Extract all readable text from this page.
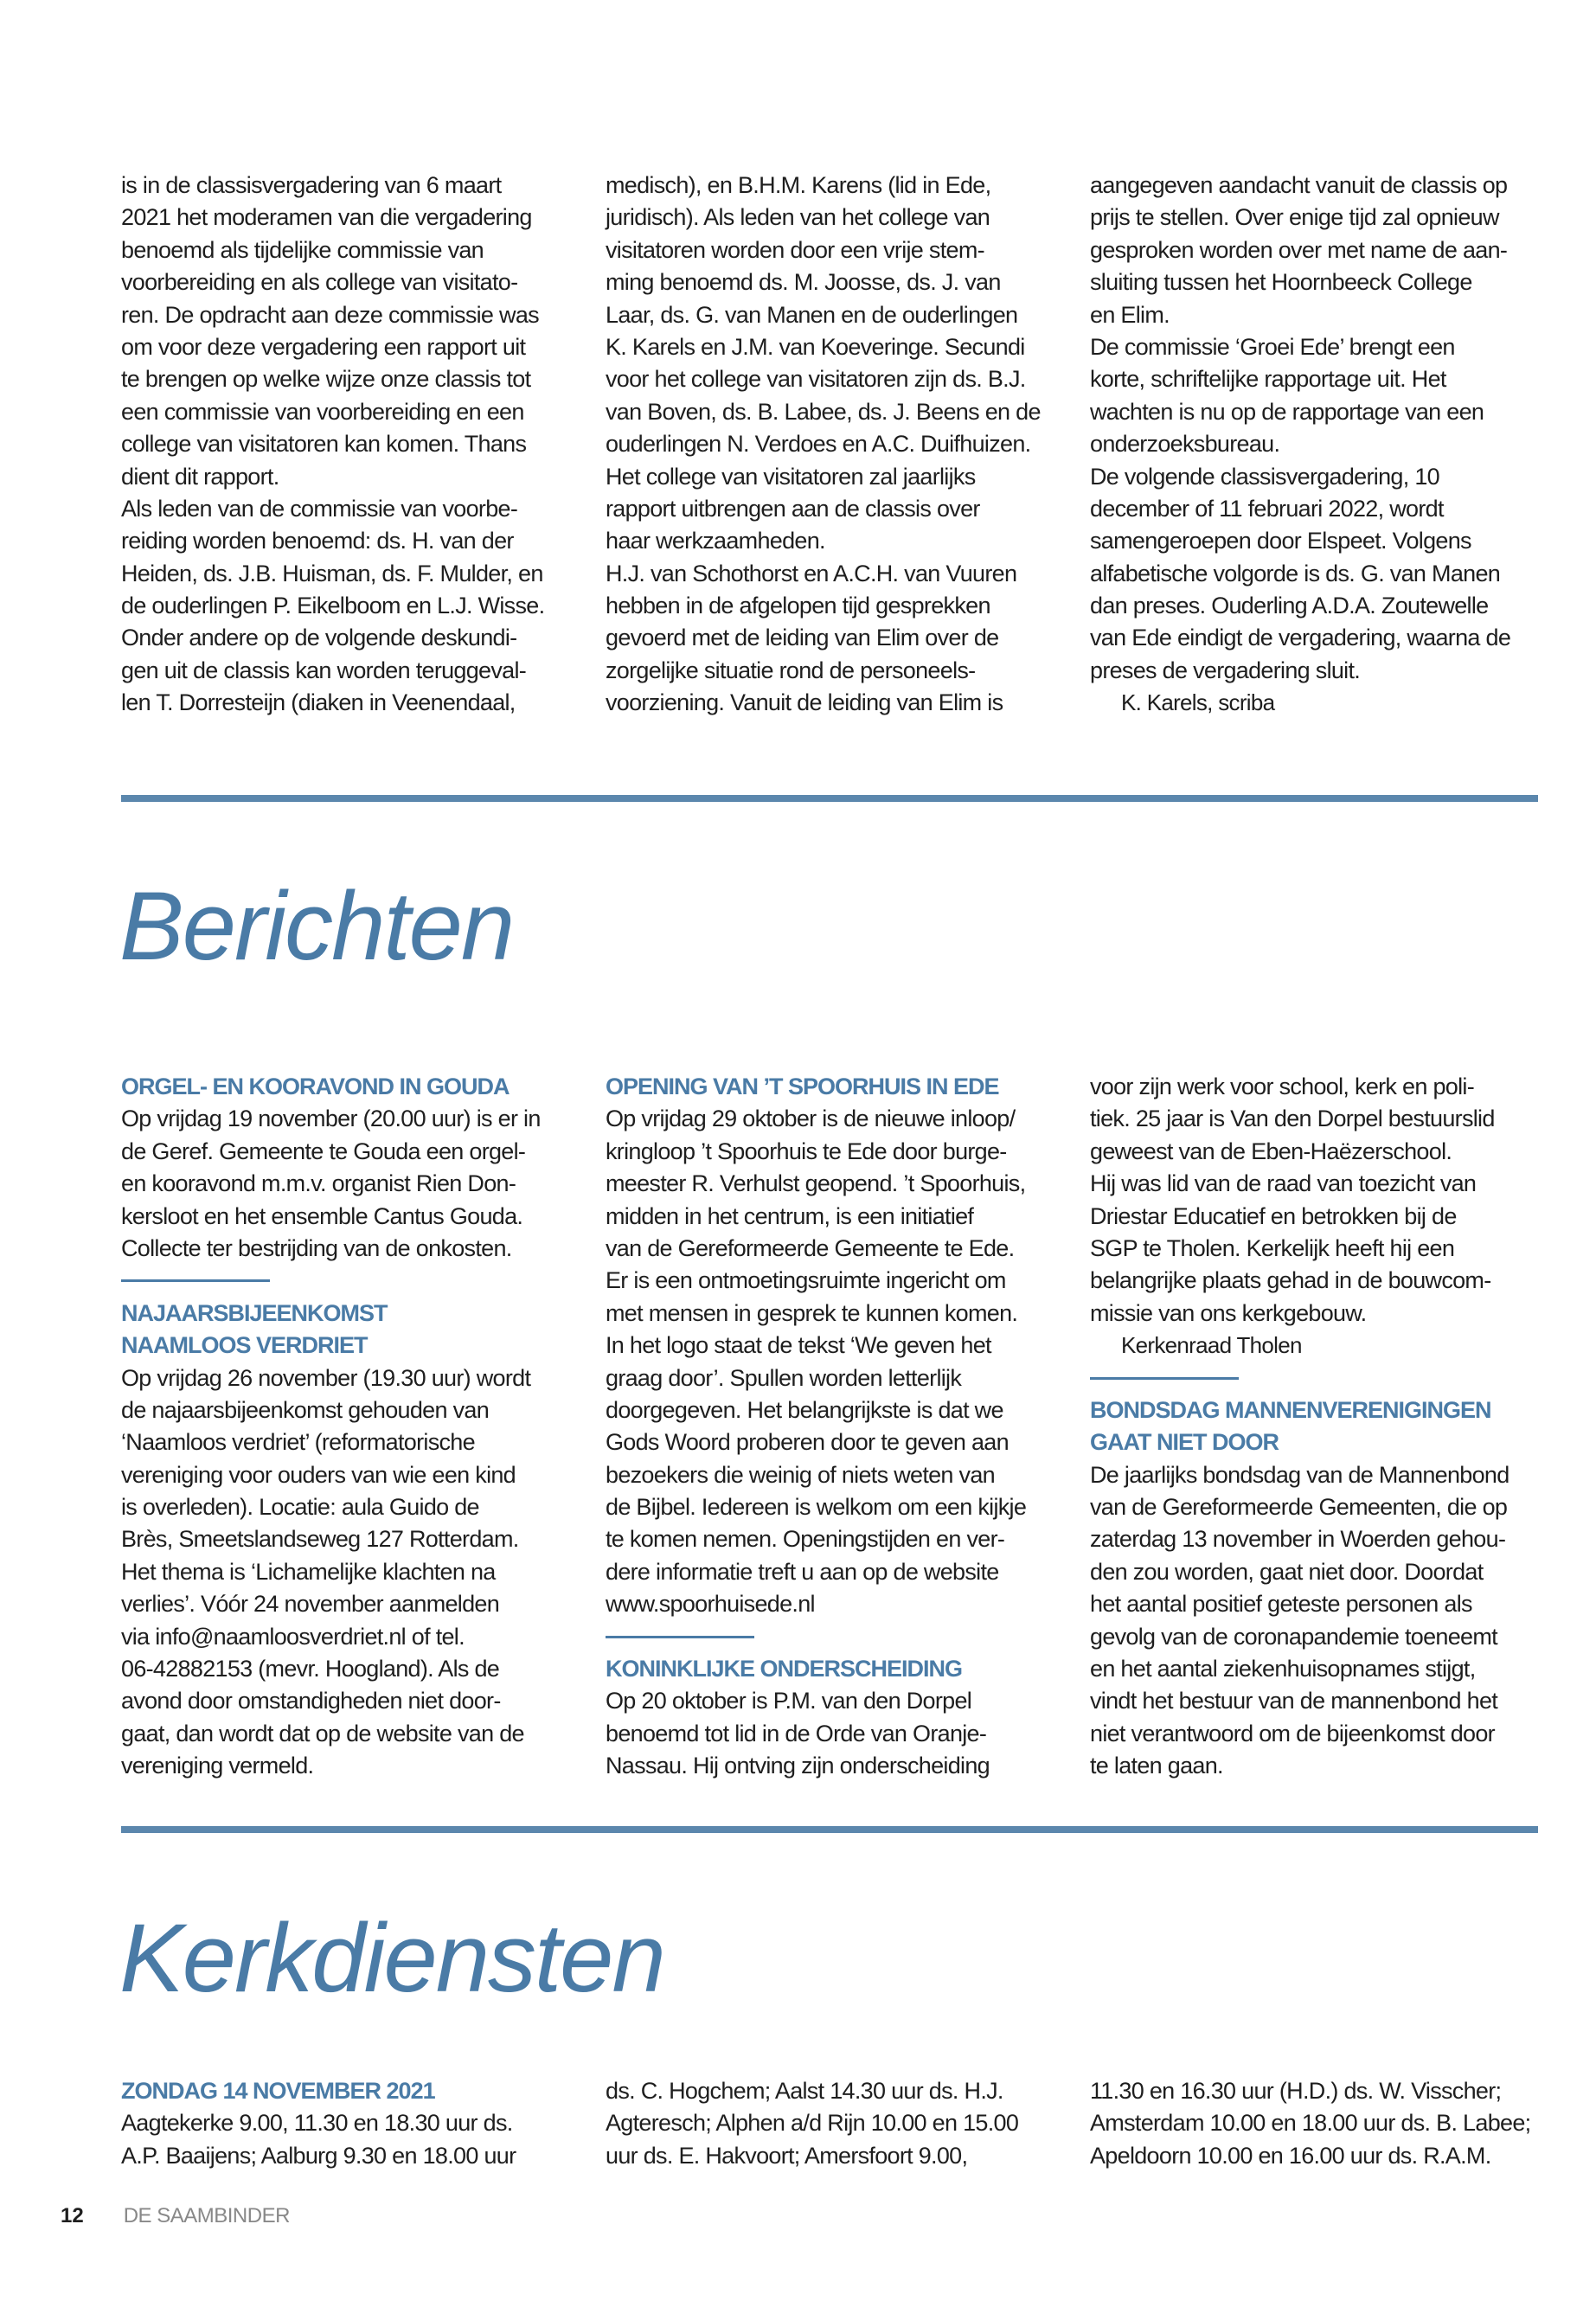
is in de classisvergadering van 6 maart
2021 het moderamen van die vergadering
benoemd als tijdelijke commissie van
voorbereiding en als college van visitato-
ren. De opdracht aan deze commissie was
om voor deze vergadering een rapport uit
te brengen op welke wijze onze classis tot
een commissie van voorbereiding en een
college van visitatoren kan komen. Thans
dient dit rapport.
Als leden van de commissie van voorbe-
reiding worden benoemd: ds. H. van der
Heiden, ds. J.B. Huisman, ds. F. Mulder, en
de ouderlingen P. Eikelboom en L.J. Wisse.
Onder andere op de volgende deskundi-
gen uit de classis kan worden teruggeval-
len T. Dorresteijn (diaken in Veenendaal,
medisch), en B.H.M. Karens (lid in Ede,
juridisch). Als leden van het college van
visitatoren worden door een vrije stem-
ming benoemd ds. M. Joosse, ds. J. van
Laar, ds. G. van Manen en de ouderlingen
K. Karels en J.M. van Koeveringe. Secundi
voor het college van visitatoren zijn ds. B.J.
van Boven, ds. B. Labee, ds. J. Beens en de
ouderlingen N. Verdoes en A.C. Duifhuizen.
Het college van visitatoren zal jaarlijks
rapport uitbrengen aan de classis over
haar werkzaamheden.
H.J. van Schothorst en A.C.H. van Vuuren
hebben in de afgelopen tijd gesprekken
gevoerd met de leiding van Elim over de
zorgelijke situatie rond de personeels-
voorziening. Vanuit de leiding van Elim is
aangegeven aandacht vanuit de classis op
prijs te stellen. Over enige tijd zal opnieuw
gesproken worden over met name de aan-
sluiting tussen het Hoornbeeck College
en Elim.
De commissie ‘Groei Ede’ brengt een
korte, schriftelijke rapportage uit. Het
wachten is nu op de rapportage van een
onderzoeksbureau.
De volgende classisvergadering, 10
december of 11 februari 2022, wordt
samengeroepen door Elspeet. Volgens
alfabetische volgorde is ds. G. van Manen
dan preses. Ouderling A.D.A. Zoutewelle
van Ede eindigt de vergadering, waarna de
preses de vergadering sluit.
K. Karels, scriba
Berichten
ORGEL- EN KOORAVOND IN GOUDA
Op vrijdag 19 november (20.00 uur) is er in
de Geref. Gemeente te Gouda een orgel-
en kooravond m.m.v. organist Rien Don-
kersloot en het ensemble Cantus Gouda.
Collecte ter bestrijding van de onkosten.
NAJAARSBIJEENKOMST
NAAMLOOS VERDRIET
Op vrijdag 26 november (19.30 uur) wordt
de najaarsbijeenkomst gehouden van
‘Naamloos verdriet’ (reformatorische
vereniging voor ouders van wie een kind
is overleden). Locatie: aula Guido de
Brès, Smeetslandseweg 127 Rotterdam.
Het thema is ‘Lichamelijke klachten na
verlies’. Vóór 24 november aanmelden
via info@naamloosverdriet.nl of tel.
06-42882153 (mevr. Hoogland). Als de
avond door omstandigheden niet door-
gaat, dan wordt dat op de website van de
vereniging vermeld.
OPENING VAN ’T SPOORHUIS IN EDE
Op vrijdag 29 oktober is de nieuwe inloop/
kringloop ’t Spoorhuis te Ede door burge-
meester R. Verhulst geopend. ’t Spoorhuis,
midden in het centrum, is een initiatief
van de Gereformeerde Gemeente te Ede.
Er is een ontmoetingsruimte ingericht om
met mensen in gesprek te kunnen komen.
In het logo staat de tekst ‘We geven het
graag door’. Spullen worden letterlijk
doorgegeven. Het belangrijkste is dat we
Gods Woord proberen door te geven aan
bezoekers die weinig of niets weten van
de Bijbel. Iedereen is welkom om een kijkje
te komen nemen. Openingstijden en ver-
dere informatie treft u aan op de website
www.spoorhuisede.nl
KONINKLIJKE ONDERSCHEIDING
Op 20 oktober is P.M. van den Dorpel
benoemd tot lid in de Orde van Oranje-
Nassau. Hij ontving zijn onderscheiding
voor zijn werk voor school, kerk en poli-
tiek. 25 jaar is Van den Dorpel bestuurslid
geweest van de Eben-Haëzerschool.
Hij was lid van de raad van toezicht van
Driestar Educatief en betrokken bij de
SGP te Tholen. Kerkelijk heeft hij een
belangrijke plaats gehad in de bouwcom-
missie van ons kerkgebouw.
Kerkenraad Tholen
BONDSDAG MANNENVERENIGINGEN
GAAT NIET DOOR
De jaarlijks bondsdag van de Mannenbond
van de Gereformeerde Gemeenten, die op
zaterdag 13 november in Woerden gehou-
den zou worden, gaat niet door. Doordat
het aantal positief geteste personen als
gevolg van de coronapandemie toeneemt
en het aantal ziekenhuisopnames stijgt,
vindt het bestuur van de mannenbond het
niet verantwoord om de bijeenkomst door
te laten gaan.
Kerkdiensten
ZONDAG 14 NOVEMBER 2021
Aagtekerke 9.00, 11.30 en 18.30 uur ds.
A.P. Baaijens; Aalburg 9.30 en 18.00 uur
ds. C. Hogchem; Aalst 14.30 uur ds. H.J.
Agteresch; Alphen a/d Rijn 10.00 en 15.00
uur ds. E. Hakvoort; Amersfoort 9.00,
11.30 en 16.30 uur (H.D.) ds. W. Visscher;
Amsterdam 10.00 en 18.00 uur ds. B. Labee;
Apeldoorn 10.00 en 16.00 uur ds. R.A.M.
12 DE SAAMBINDER
